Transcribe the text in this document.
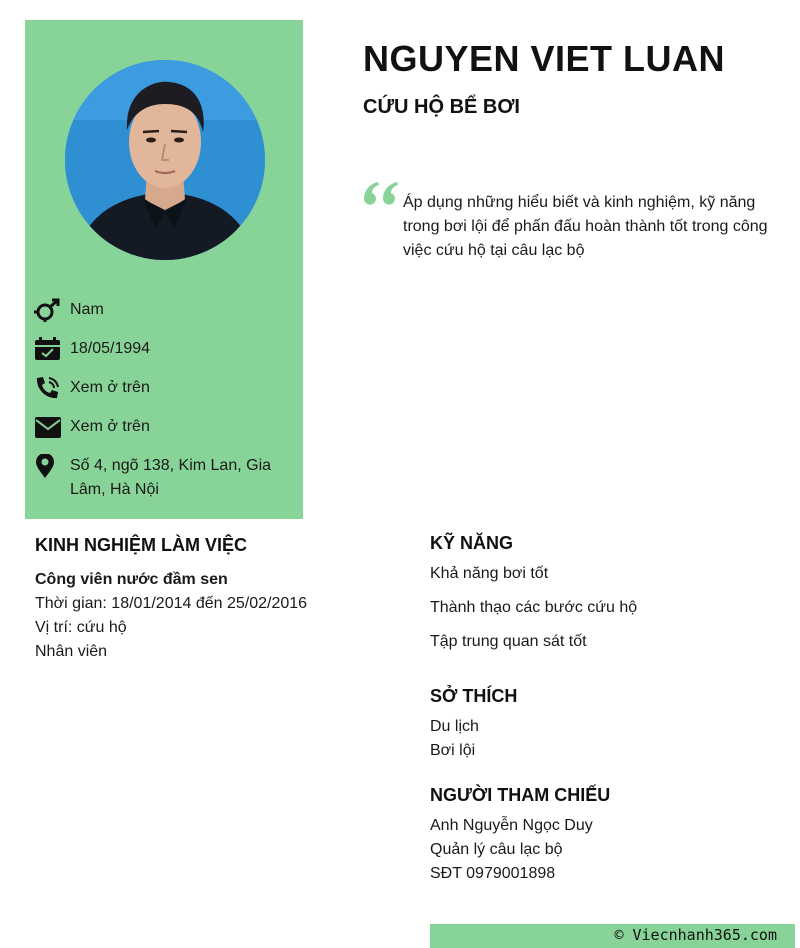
Nam
18/05/1994
Xem ở trên
Xem ở trên
Số 4, ngõ 138, Kim Lan, Gia Lâm, Hà Nội
NGUYEN VIET LUAN
CỨU HỘ BỂ BƠI

Áp dụng những hiểu biết và kinh nghiệm, kỹ năng trong bơi lội để phấn đấu hoàn thành tốt trong công việc cứu hộ tại câu lạc bộ

KINH NGHIỆM LÀM VIỆC
Công viên nước đầm sen
Thời gian: 18/01/2014 đến 25/02/2016
Vị trí: cứu hộ
Nhân viên
KỸ NĂNG
Khả năng bơi tốt
Thành thạo các bước cứu hộ
Tập trung quan sát tốt
SỞ THÍCH
Du lịch
Bơi lội
NGƯỜI THAM CHIẾU
Anh Nguyễn Ngọc Duy
Quản lý câu lạc bộ
SĐT 0979001898
© Viecnhanh365.com
